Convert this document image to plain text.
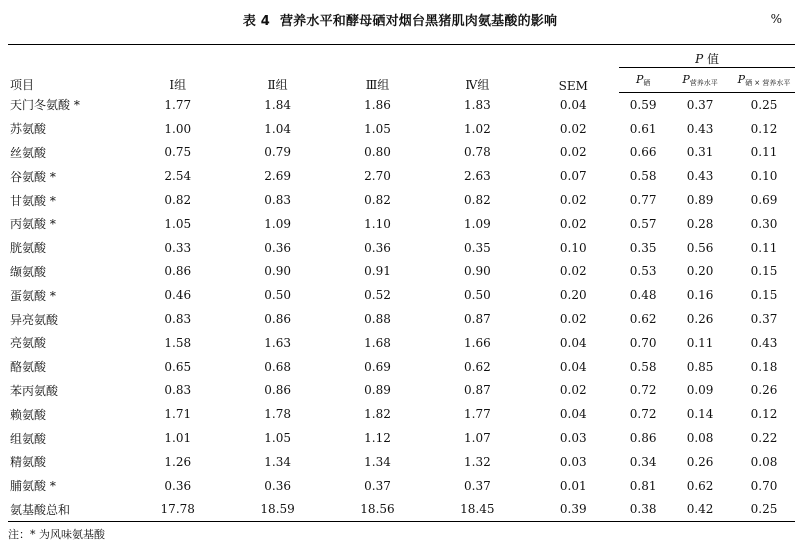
表 4 营养水平和酵母硒对烟台黑猪肌肉氨基酸的影响	%
项目	Ⅰ组	Ⅱ组	Ⅲ组	Ⅳ组	SEM	P 值		
						$P_硒$	$P_{营养水平}$	$P_{硒 \times 营养水平}$
天门冬氨酸 *	1.77	1.84	1.86	1.83	0.04	0.59	0.37	0.25
苏氨酸	1.00	1.04	1.05	1.02	0.02	0.61	0.43	0.12
丝氨酸	0.75	0.79	0.80	0.78	0.02	0.66	0.31	0.11
谷氨酸 *	2.54	2.69	2.70	2.63	0.07	0.58	0.43	0.10
甘氨酸 *	0.82	0.83	0.82	0.82	0.02	0.77	0.89	0.69
丙氨酸 *	1.05	1.09	1.10	1.09	0.02	0.57	0.28	0.30
胱氨酸	0.33	0.36	0.36	0.35	0.10	0.35	0.56	0.11
缬氨酸	0.86	0.90	0.91	0.90	0.02	0.53	0.20	0.15
蛋氨酸 *	0.46	0.50	0.52	0.50	0.20	0.48	0.16	0.15
异亮氨酸	0.83	0.86	0.88	0.87	0.02	0.62	0.26	0.37
亮氨酸	1.58	1.63	1.68	1.66	0.04	0.70	0.11	0.43
酪氨酸	0.65	0.68	0.69	0.62	0.04	0.58	0.85	0.18
苯丙氨酸	0.83	0.86	0.89	0.87	0.02	0.72	0.09	0.26
赖氨酸	1.71	1.78	1.82	1.77	0.04	0.72	0.14	0.12
组氨酸	1.01	1.05	1.12	1.07	0.03	0.86	0.08	0.22
精氨酸	1.26	1.34	1.34	1.32	0.03	0.34	0.26	0.08
脯氨酸 *	0.36	0.36	0.37	0.37	0.01	0.81	0.62	0.70
氨基酸总和	17.78	18.59	18.56	18.45	0.39	0.38	0.42	0.25
注：* 为风味氨基酸
